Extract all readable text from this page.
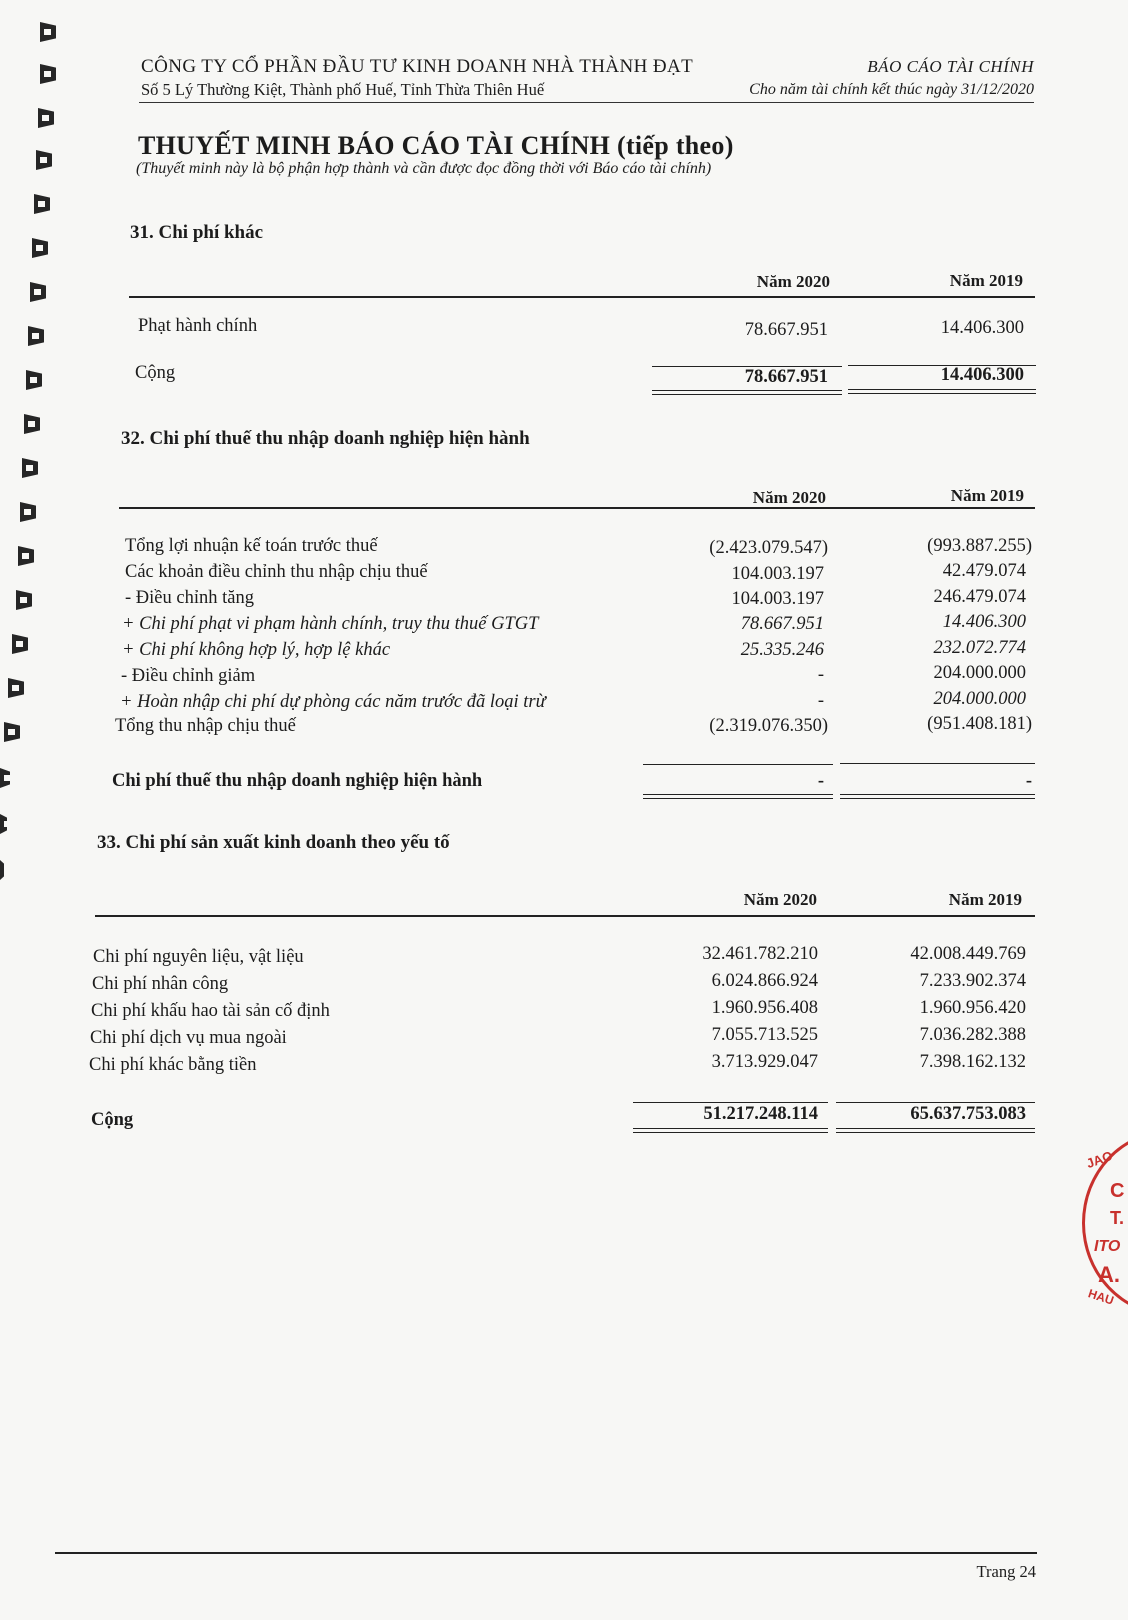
CÔNG TY CỔ PHẦN ĐẦU TƯ KINH DOANH NHÀ THÀNH ĐẠT
Số 5 Lý Thường Kiệt, Thành phố Huế, Tỉnh Thừa Thiên Huế
BÁO CÁO TÀI CHÍNH
Cho năm tài chính kết thúc ngày 31/12/2020
THUYẾT MINH BÁO CÁO TÀI CHÍNH (tiếp theo)
(Thuyết minh này là bộ phận hợp thành và cần được đọc đồng thời với Báo cáo tài chính)
31. Chi phí khác
Năm 2020	Năm 2019
Phạt hành chính	78.667.951	14.406.300
Cộng	78.667.951	14.406.300
32. Chi phí thuế thu nhập doanh nghiệp hiện hành
Năm 2020	Năm 2019
Tổng lợi nhuận kế toán trước thuế	(2.423.079.547)	(993.887.255)
Các khoản điều chỉnh thu nhập chịu thuế	104.003.197	42.479.074
- Điều chỉnh tăng	104.003.197	246.479.074
+ Chi phí phạt vi phạm hành chính, truy thu thuế GTGT	78.667.951	14.406.300
+ Chi phí không hợp lý, hợp lệ khác	25.335.246	232.072.774
- Điều chỉnh giảm	-	204.000.000
+ Hoàn nhập chi phí dự phòng các năm trước đã loại trừ	-	204.000.000
Tổng thu nhập chịu thuế	(2.319.076.350)	(951.408.181)
Chi phí thuế thu nhập doanh nghiệp hiện hành	-	-
33. Chi phí sản xuất kinh doanh theo yếu tố
Năm 2020	Năm 2019
Chi phí nguyên liệu, vật liệu	32.461.782.210	42.008.449.769
Chi phí nhân công	6.024.866.924	7.233.902.374
Chi phí khấu hao tài sản cố định	1.960.956.408	1.960.956.420
Chi phí dịch vụ mua ngoài	7.055.713.525	7.036.282.388
Chi phí khác bằng tiền	3.713.929.047	7.398.162.132
Cộng	51.217.248.114	65.637.753.083
JAO
C
T.
ITO
A.
HAU
Trang 24
